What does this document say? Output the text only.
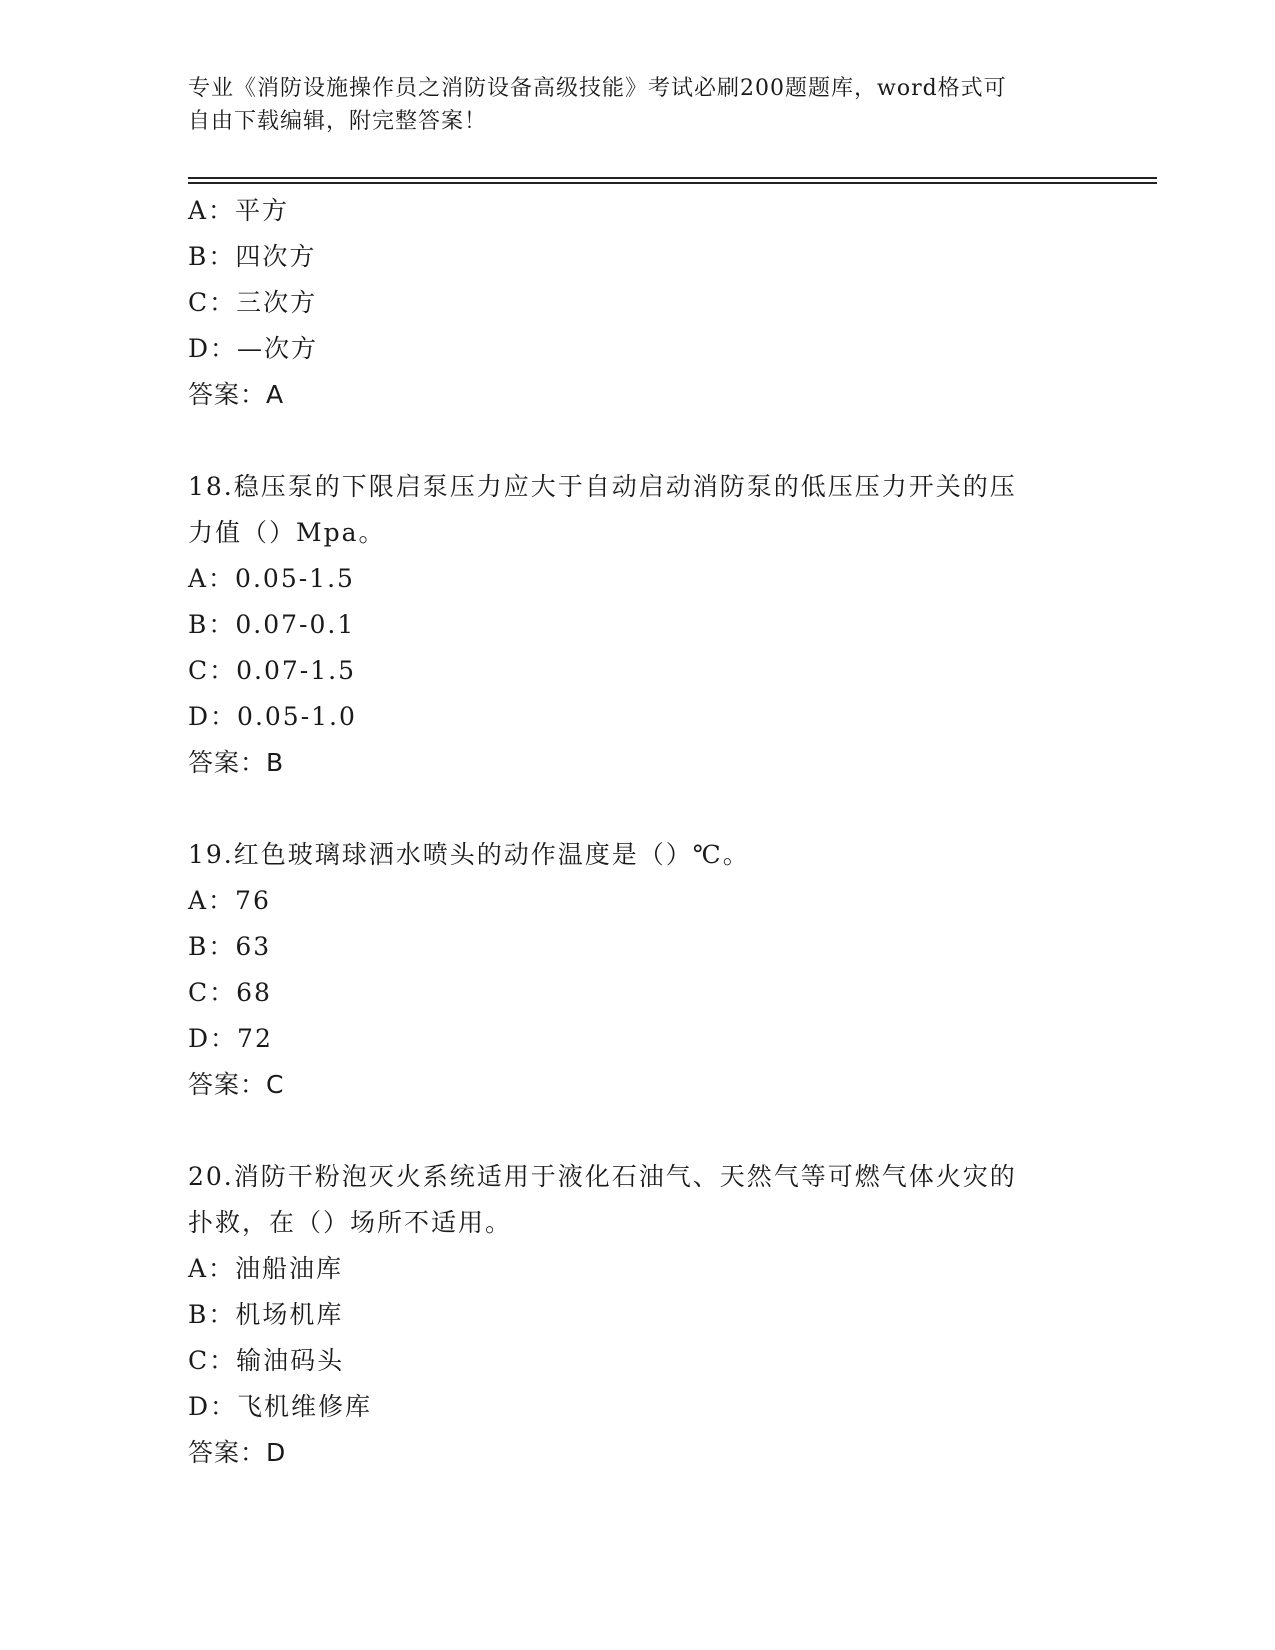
专业《消防设施操作员之消防设备高级技能》考试必刷200题题库，word格式可
自由下载编辑，附完整答案！
A：平方
B：四次方
C：三次方
D：—次方
答案：A
18.稳压泵的下限启泵压力应大于自动启动消防泵的低压压力开关的压
力值（）Mpa。
A：0.05-1.5
B：0.07-0.1
C：0.07-1.5
D：0.05-1.0
答案：B
19.红色玻璃球洒水喷头的动作温度是（）℃。
A：76
B：63
C：68
D：72
答案：C
20.消防干粉泡灭火系统适用于液化石油气、天然气等可燃气体火灾的
扑救，在（）场所不适用。
A：油船油库
B：机场机库
C：输油码头
D：飞机维修库
答案：D
